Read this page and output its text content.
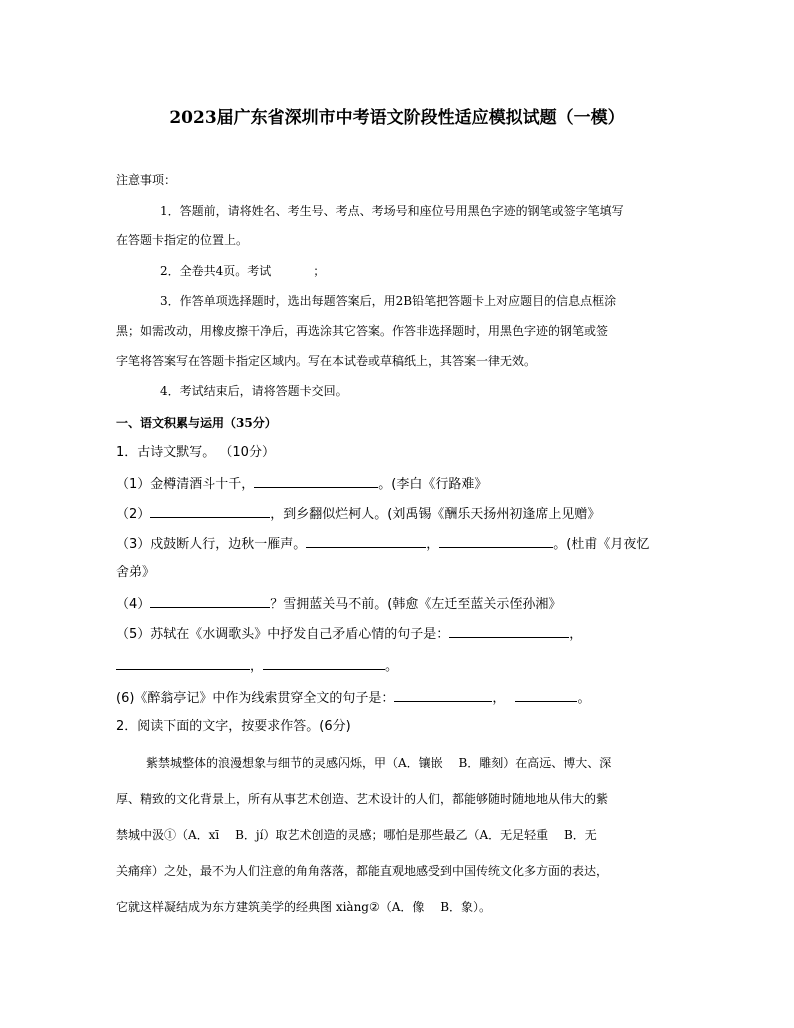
2023届广东省深圳市中考语文阶段性适应模拟试题（一模）
注意事项：
1．答题前，请将姓名、考生号、考点、考场号和座位号用黑色字迹的钢笔或签字笔填写
在答题卡指定的位置上。
2．全卷共4页。考试	；
3．作答单项选择题时，选出每题答案后，用2B铅笔把答题卡上对应题目的信息点框涂
黑；如需改动，用橡皮擦干净后，再选涂其它答案。作答非选择题时，用黑色字迹的钢笔或签
字笔将答案写在答题卡指定区域内。写在本试卷或草稿纸上，其答案一律无效。
4．考试结束后，请将答题卡交回。
一、语文积累与运用（35分）
1．古诗文默写。 （10分）
（1）金樽清酒斗十千，	。(李白《行路难》
（2）	，到乡翻似烂柯人。(刘禹锡《酬乐天扬州初逢席上见赠》
（3）戍鼓断人行，边秋一雁声。	，	。(杜甫《月夜忆
舍弟》
（4）	？雪拥蓝关马不前。(韩愈《左迁至蓝关示侄孙湘》
（5）苏轼在《水调歌头》中抒发自己矛盾心情的句子是：	，
，	。
(6)《醉翁亭记》中作为线索贯穿全文的句子是：	，	。
2．阅读下面的文字，按要求作答。(6分)
紫禁城整体的浪漫想象与细节的灵感闪烁，甲（A．镶嵌　 B．雕刻）在高远、博大、深
厚、精致的文化背景上，所有从事艺术创造、艺术设计的人们，都能够随时随地地从伟大的紫
禁城中汲①（A．xī　 B．jí）取艺术创造的灵感；哪怕是那些最乙（A．无足轻重　 B．无
关痛痒）之处，最不为人们注意的角角落落，都能直观地感受到中国传统文化多方面的表达，
它就这样凝结成为东方建筑美学的经典图 xiàng②（A．像　 B．象）。
